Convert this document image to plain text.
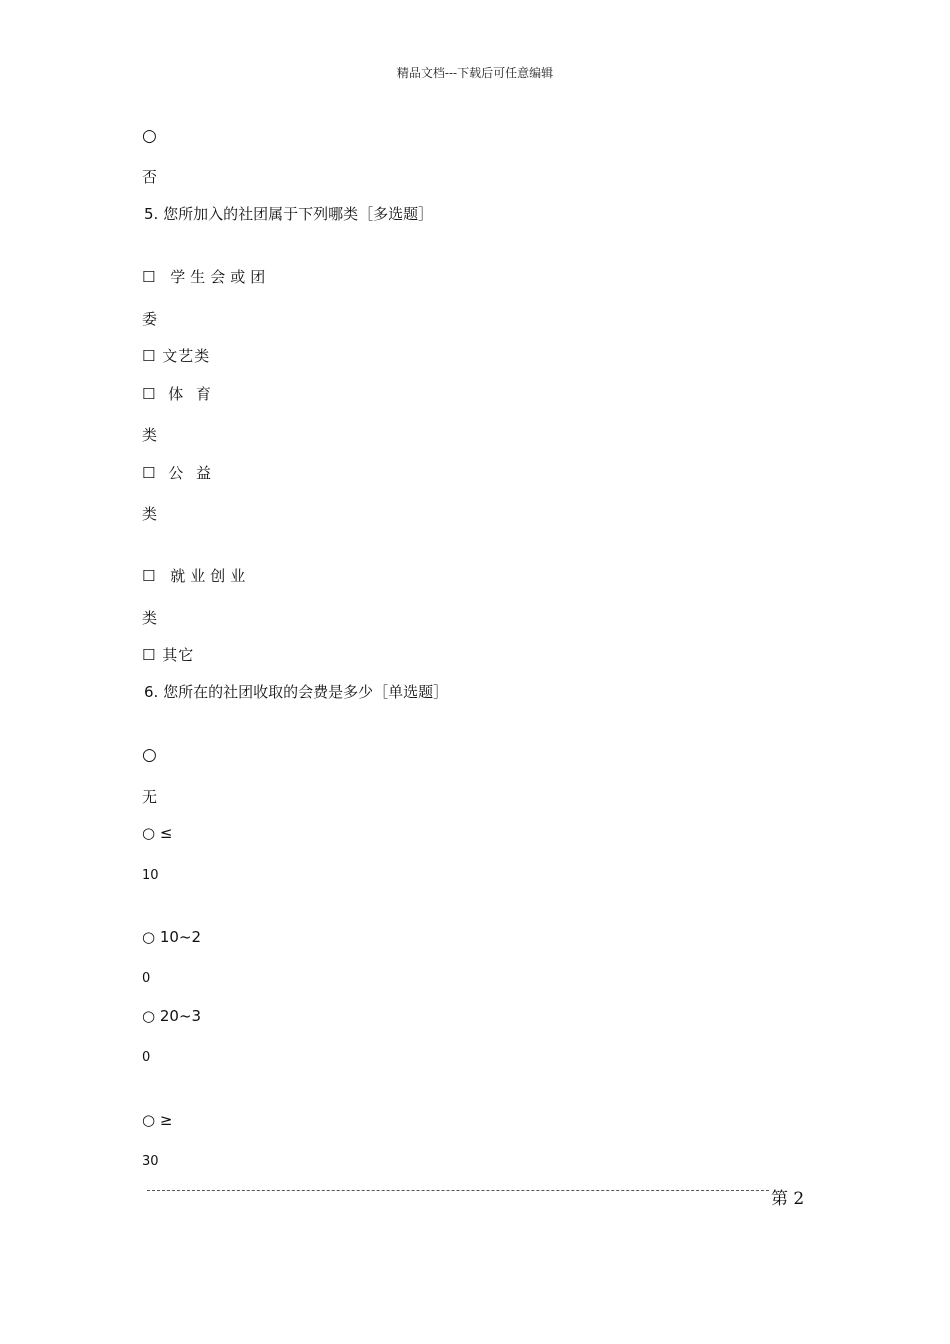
精品文档---下载后可任意编辑
○
否
5. 您所加入的社团属于下列哪类［多选题］
☐ 学生会或团
委
☐ 文艺类
☐ 体 育
类
☐ 公 益
类
☐ 就业创业
类
☐ 其它
6. 您所在的社团收取的会费是多少［单选题］
○
无
○ ≤
10
○ 10~2
0
○ 20~3
0
○ ≥
30
第 2
